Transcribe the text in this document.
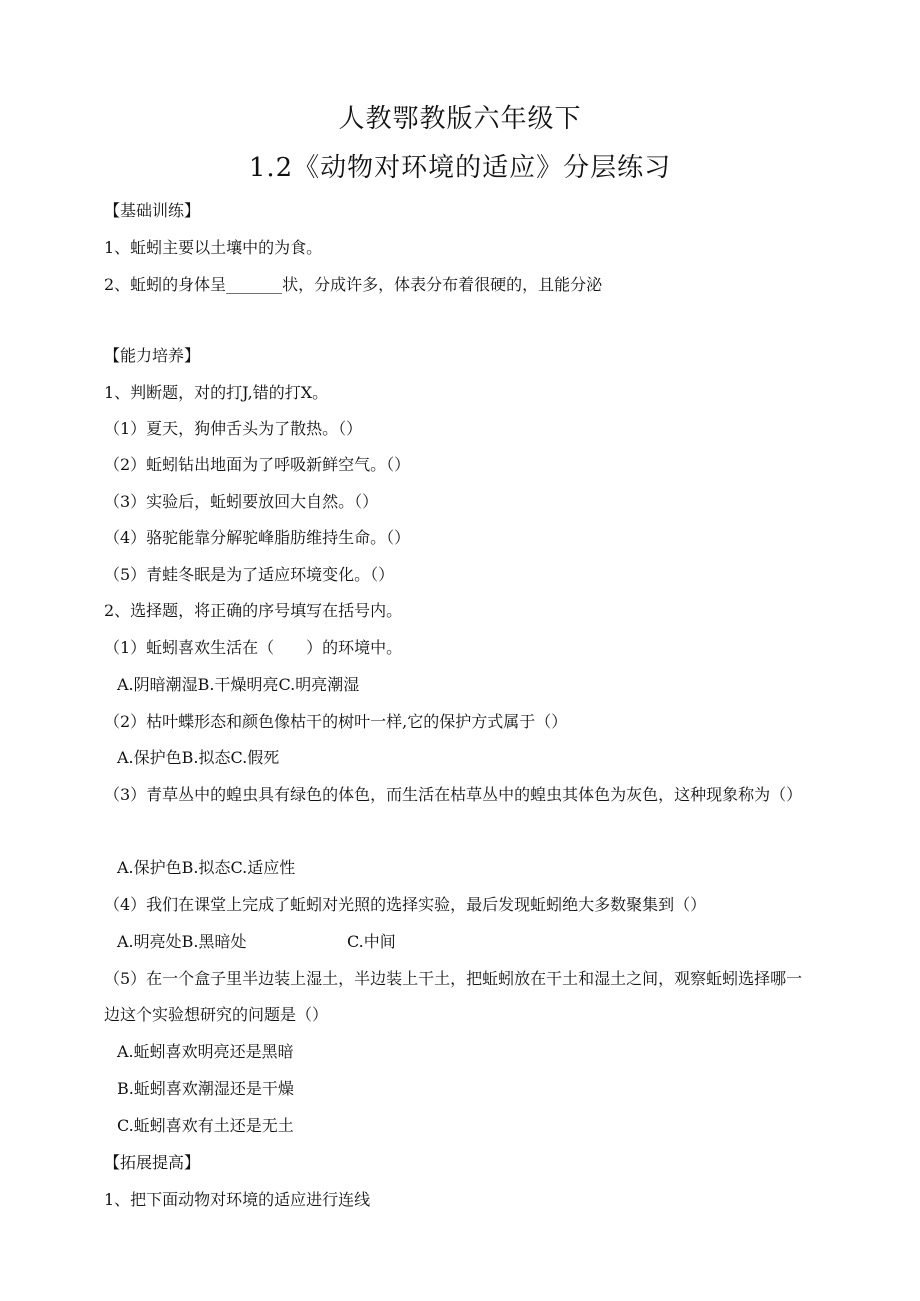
人教鄂教版六年级下
1.2《动物对环境的适应》分层练习
【基础训练】
1、蚯蚓主要以土壤中的为食。
2、蚯蚓的身体呈_______状，分成许多，体表分布着很硬的，且能分泌
【能力培养】
1、判断题，对的打J,错的打X。
（1）夏天，狗伸舌头为了散热。（）
（2）蚯蚓钻出地面为了呼吸新鲜空气。（）
（3）实验后，蚯蚓要放回大自然。（）
（4）骆驼能靠分解驼峰脂肪维持生命。（）
（5）青蛙冬眠是为了适应环境变化。（）
2、选择题，将正确的序号填写在括号内。
（1）蚯蚓喜欢生活在（　　）的环境中。
A.阴暗潮湿B.干燥明亮C.明亮潮湿
（2）枯叶蝶形态和颜色像枯干的树叶一样,它的保护方式属于（）
A.保护色B.拟态C.假死
（3）青草丛中的蝗虫具有绿色的体色，而生活在枯草丛中的蝗虫其体色为灰色，这种现象称为（）
A.保护色B.拟态C.适应性
（4）我们在课堂上完成了蚯蚓对光照的选择实验，最后发现蚯蚓绝大多数聚集到（）
A.明亮处B.黑暗处	C.中间
（5）在一个盒子里半边装上湿土，半边装上干土，把蚯蚓放在干土和湿土之间，观察蚯蚓选择哪一边这个实验想研究的问题是（）
A.蚯蚓喜欢明亮还是黑暗
B.蚯蚓喜欢潮湿还是干燥
C.蚯蚓喜欢有土还是无土
【拓展提高】
1、把下面动物对环境的适应进行连线
